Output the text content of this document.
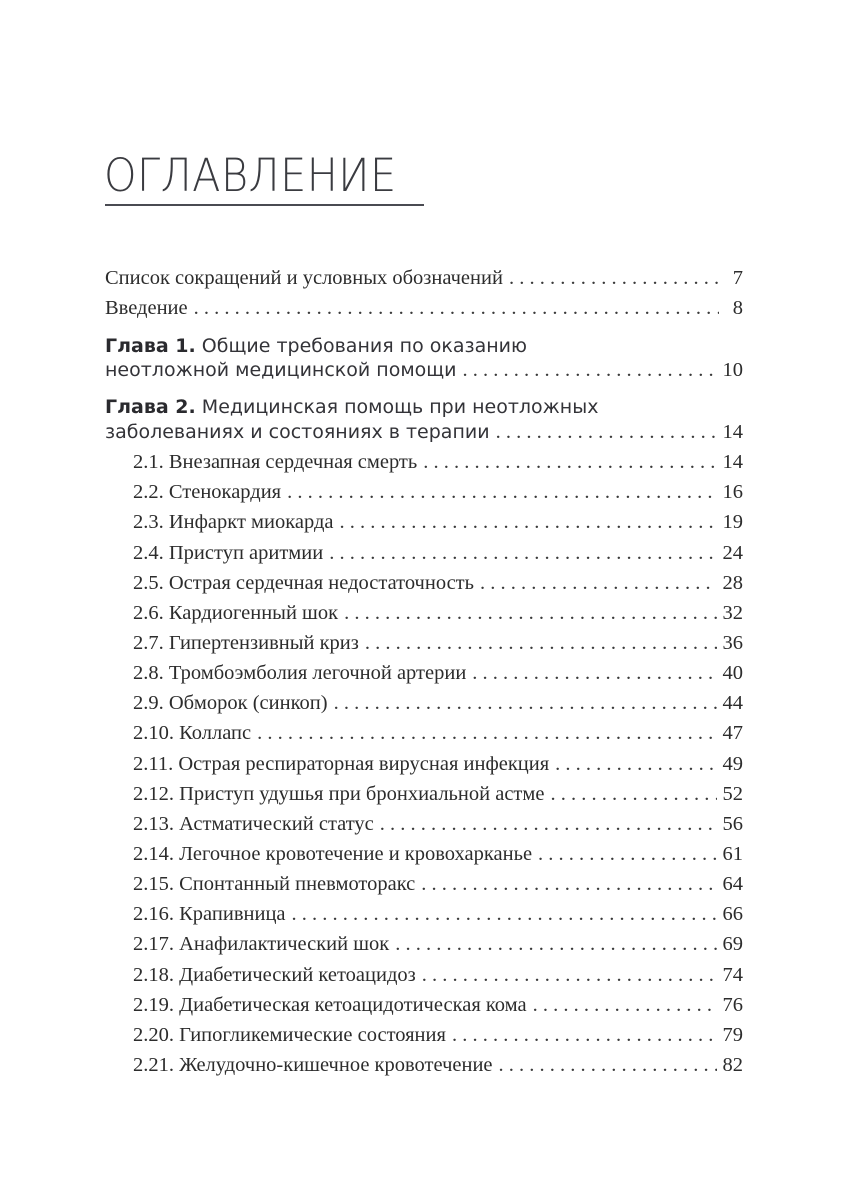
ОГЛАВЛЕНИЕ
Список сокращений и условных обозначений . . .	7
Введение . . .	8
Глава 1. Общие требования по оказанию
неотложной медицинской помощи . . .	10
Глава 2. Медицинская помощь при неотложных
заболеваниях и состояниях в терапии . . .	14
2.1. Внезапная сердечная смерть . . .	14
2.2. Стенокардия . . .	16
2.3. Инфаркт миокарда . . .	19
2.4. Приступ аритмии . . .	24
2.5. Острая сердечная недостаточность . . .	28
2.6. Кардиогенный шок . . .	32
2.7. Гипертензивный криз . . .	36
2.8. Тромбоэмболия легочной артерии . . .	40
2.9. Обморок (синкоп) . . .	44
2.10. Коллапс . . .	47
2.11. Острая респираторная вирусная инфекция . . .	49
2.12. Приступ удушья при бронхиальной астме . . .	52
2.13. Астматический статус . . .	56
2.14. Легочное кровотечение и кровохарканье . . .	61
2.15. Спонтанный пневмоторакс . . .	64
2.16. Крапивница . . .	66
2.17. Анафилактический шок . . .	69
2.18. Диабетический кетоацидоз . . .	74
2.19. Диабетическая кетоацидотическая кома . . .	76
2.20. Гипогликемические состояния . . .	79
2.21. Желудочно-кишечное кровотечение . . .	82
